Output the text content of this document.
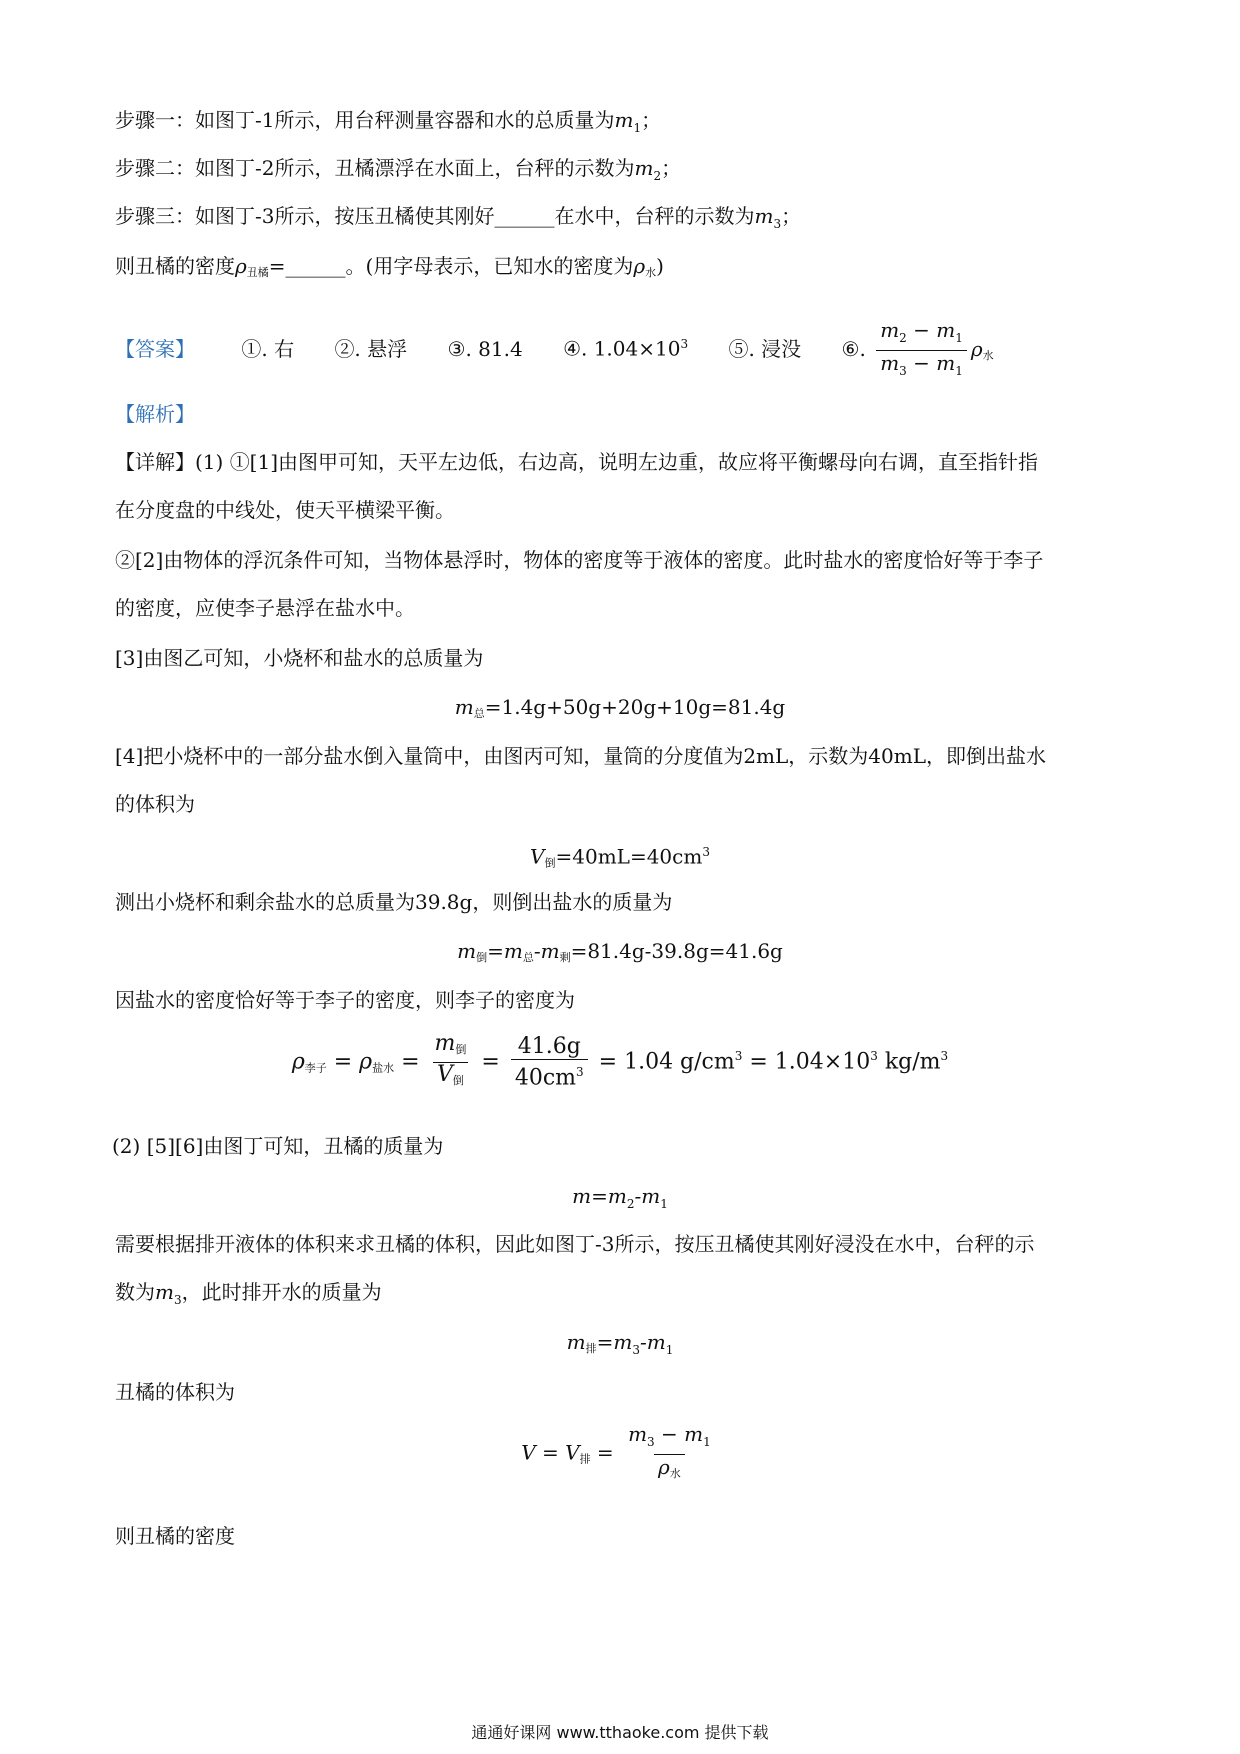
步骤一：如图丁-1所示，用台秤测量容器和水的总质量为$m_1$；
步骤二：如图丁-2所示，丑橘漂浮在水面上，台秤的示数为$m_2$；
步骤三：如图丁-3所示，按压丑橘使其刚好______在水中，台秤的示数为$m_3$；
则丑橘的密度ρ丑橘=______。(用字母表示，已知水的密度为ρ水)
【答案】 ①. 右 ②. 悬浮 ③. 81.4 ④. $1.04\times 10^3$ ⑤. 浸没 ⑥. $\frac{m_2 - m_1}{m_3 - m_1}$ ρ水
【解析】
【详解】(1) ①[1]由图甲可知，天平左边低，右边高，说明左边重，故应将平衡螺母向右调，直至指针指
在分度盘的中线处，使天平横梁平衡。
②[2]由物体的浮沉条件可知，当物体悬浮时，物体的密度等于液体的密度。此时盐水的密度恰好等于李子
的密度，应使李子悬浮在盐水中。
[3]由图乙可知，小烧杯和盐水的总质量为
m总=1.4g+50g+20g+10g=81.4g
[4]把小烧杯中的一部分盐水倒入量筒中，由图丙可知，量筒的分度值为2mL，示数为40mL，即倒出盐水
的体积为
V倒$=40mL=40cm^3$
测出小烧杯和剩余盐水的总质量为39.8g，则倒出盐水的质量为
m倒=m总-m剩=81.4g-39.8g=41.6g
因盐水的密度恰好等于李子的密度，则李子的密度为
ρ李子 = ρ盐水 = $\frac{\text{m倒}}{\text{V倒}} = \frac{41.6g}{40cm^3} = 1.04$ $g/cm^3 = 1.04\times 10^3$ $kg/m^3$
(2) [5][6]由图丁可知，丑橘的质量为
$m=m_2-m_1$
需要根据排开液体的体积来求丑橘的体积，因此如图丁-3所示，按压丑橘使其刚好浸没在水中，台秤的示
数为$m_3$，此时排开水的质量为
m排$=m_3-m_1$
丑橘的体积为
V = V排 = $\frac{m_3 - m_1}{\text{ρ水}}$
则丑橘的密度
通通好课网 www.tthaoke.com 提供下载
